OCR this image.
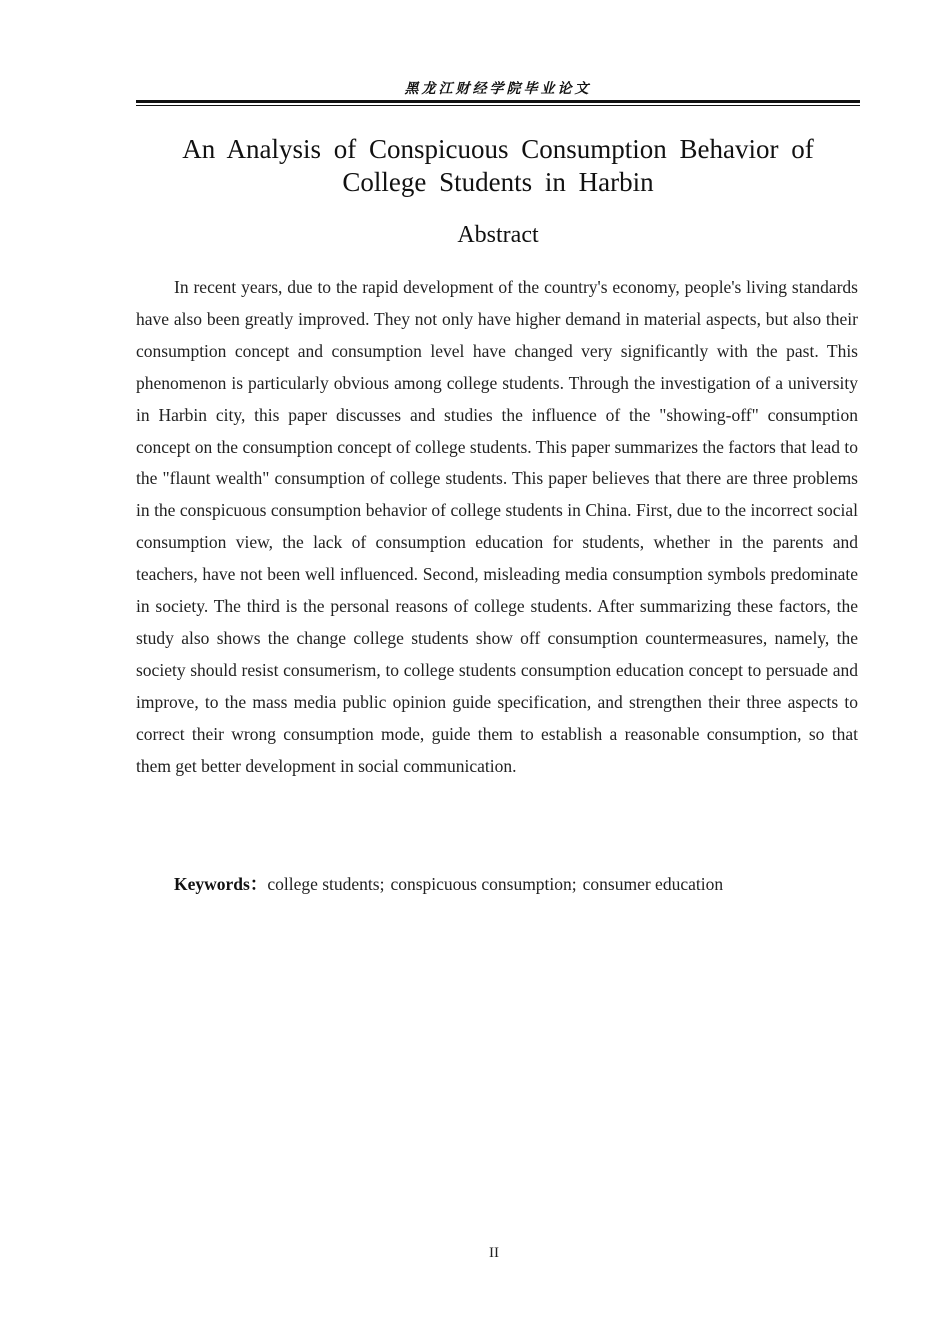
黑龙江财经学院毕业论文
An Analysis of Conspicuous Consumption Behavior of College Students in Harbin
Abstract

In recent years, due to the rapid development of the country's economy, people's living standards have also been greatly improved. They not only have higher demand in material aspects, but also their consumption concept and consumption level have changed very significantly with the past. This phenomenon is particularly obvious among college students. Through the investigation of a university in Harbin city, this paper discusses and studies the influence of the "showing-off" consumption concept on the consumption concept of college students. This paper summarizes the factors that lead to the "flaunt wealth" consumption of college students. This paper believes that there are three problems in the conspicuous consumption behavior of college students in China. First, due to the incorrect social consumption view, the lack of consumption education for students, whether in the parents and teachers, have not been well influenced. Second, misleading media consumption symbols predominate in society. The third is the personal reasons of college students. After summarizing these factors, the study also shows the change college students show off consumption countermeasures, namely, the society should resist consumerism, to college students consumption education concept to persuade and improve, to the mass media public opinion guide specification, and strengthen their three aspects to correct their wrong consumption mode, guide them to establish a reasonable consumption, so that them get better development in social communication.

Keywords：college students; conspicuous consumption; consumer education
II
